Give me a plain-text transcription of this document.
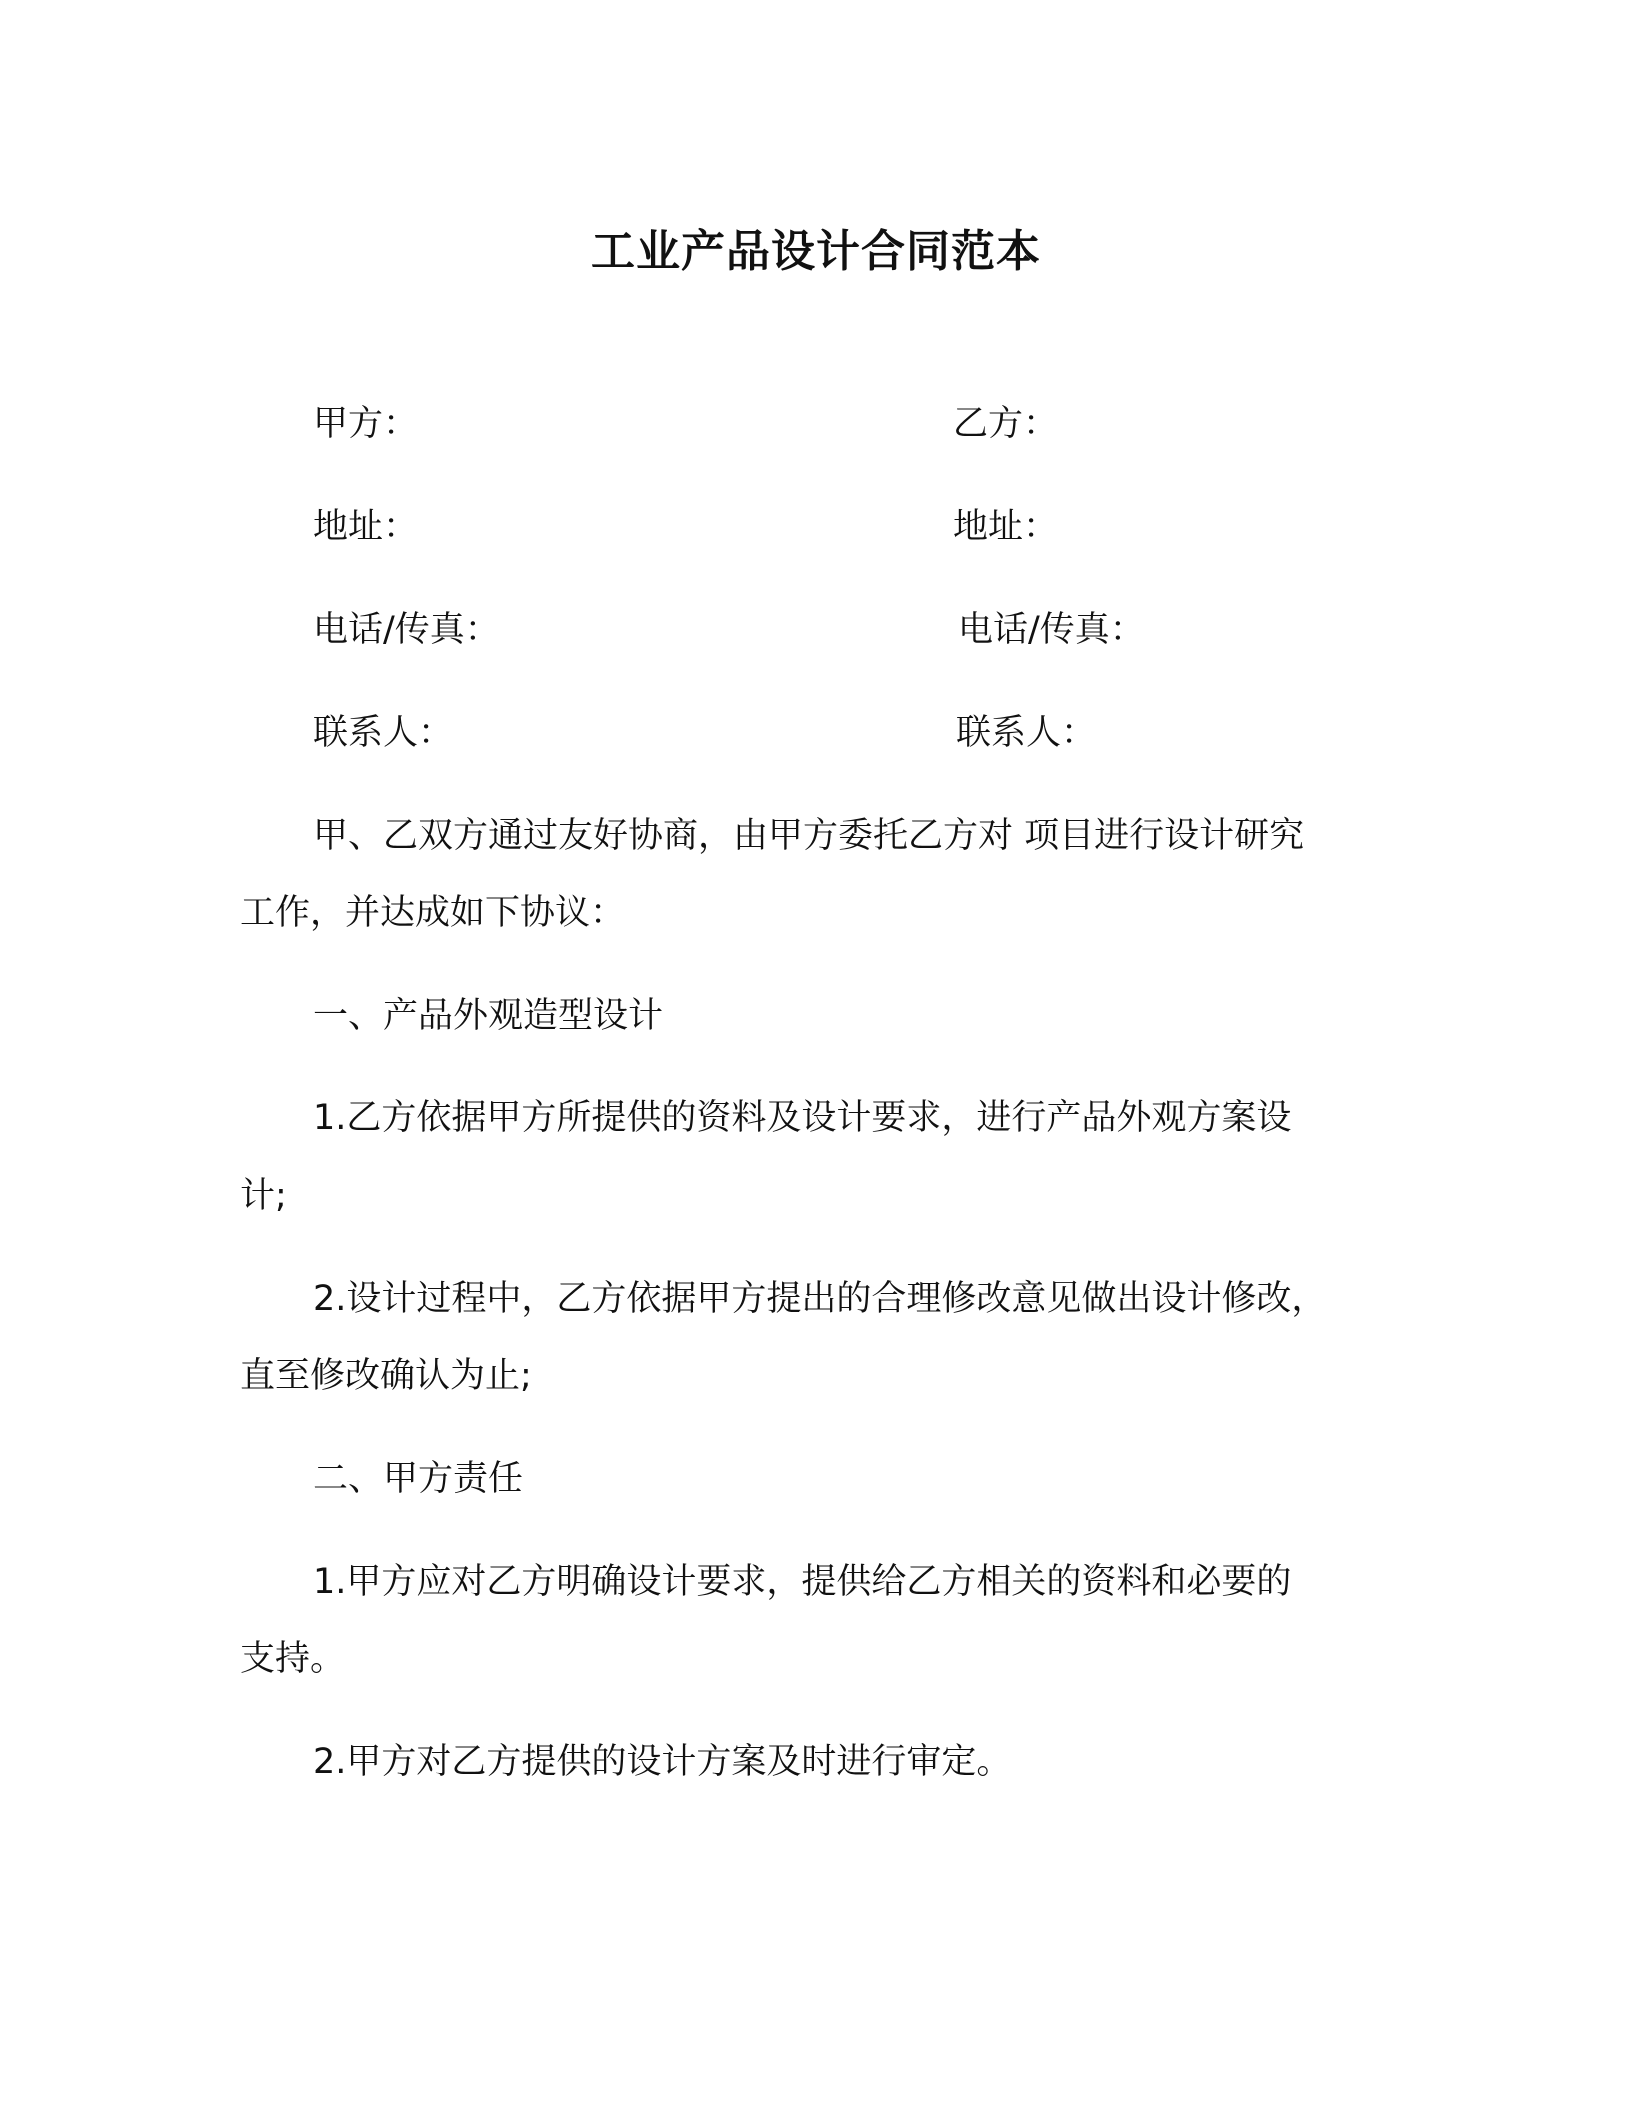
工业产品设计合同范本
甲方：	乙方：
地址：	地址：
电话/传真：	电话/传真：
联系人：	联系人：
甲、乙双方通过友好协商，由甲方委托乙方对 项目进行设计研究
工作，并达成如下协议：
一、产品外观造型设计
1.乙方依据甲方所提供的资料及设计要求，进行产品外观方案设
计;
2.设计过程中，乙方依据甲方提出的合理修改意见做出设计修改，
直至修改确认为止;
二、甲方责任
1.甲方应对乙方明确设计要求，提供给乙方相关的资料和必要的
支持。
2.甲方对乙方提供的设计方案及时进行审定。
